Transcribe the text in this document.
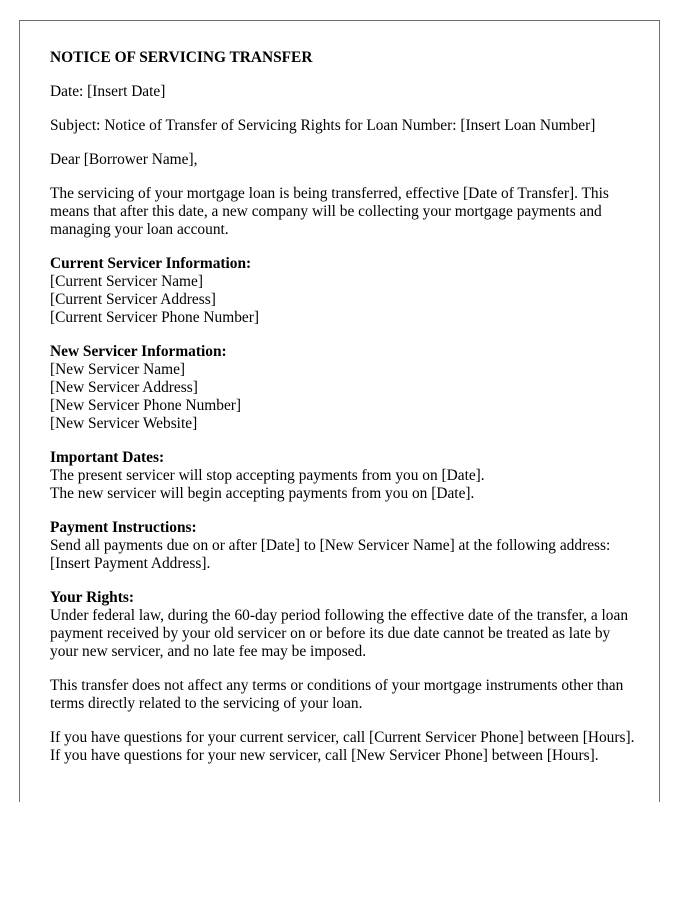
NOTICE OF SERVICING TRANSFER

Date: [Insert Date]

Subject: Notice of Transfer of Servicing Rights for Loan Number: [Insert Loan Number]

Dear [Borrower Name],

The servicing of your mortgage loan is being transferred, effective [Date of Transfer]. This means that after this date, a new company will be collecting your mortgage payments and managing your loan account.

Current Servicer Information:
[Current Servicer Name]
[Current Servicer Address]
[Current Servicer Phone Number]
New Servicer Information:
[New Servicer Name]
[New Servicer Address]
[New Servicer Phone Number]
[New Servicer Website]
Important Dates:
The present servicer will stop accepting payments from you on [Date].
The new servicer will begin accepting payments from you on [Date].
Payment Instructions:
Send all payments due on or after [Date] to [New Servicer Name] at the following address: [Insert Payment Address].
Your Rights:
Under federal law, during the 60-day period following the effective date of the transfer, a loan payment received by your old servicer on or before its due date cannot be treated as late by your new servicer, and no late fee may be imposed.

This transfer does not affect any terms or conditions of your mortgage instruments other than terms directly related to the servicing of your loan.

If you have questions for your current servicer, call [Current Servicer Phone] between [Hours]. If you have questions for your new servicer, call [New Servicer Phone] between [Hours].
